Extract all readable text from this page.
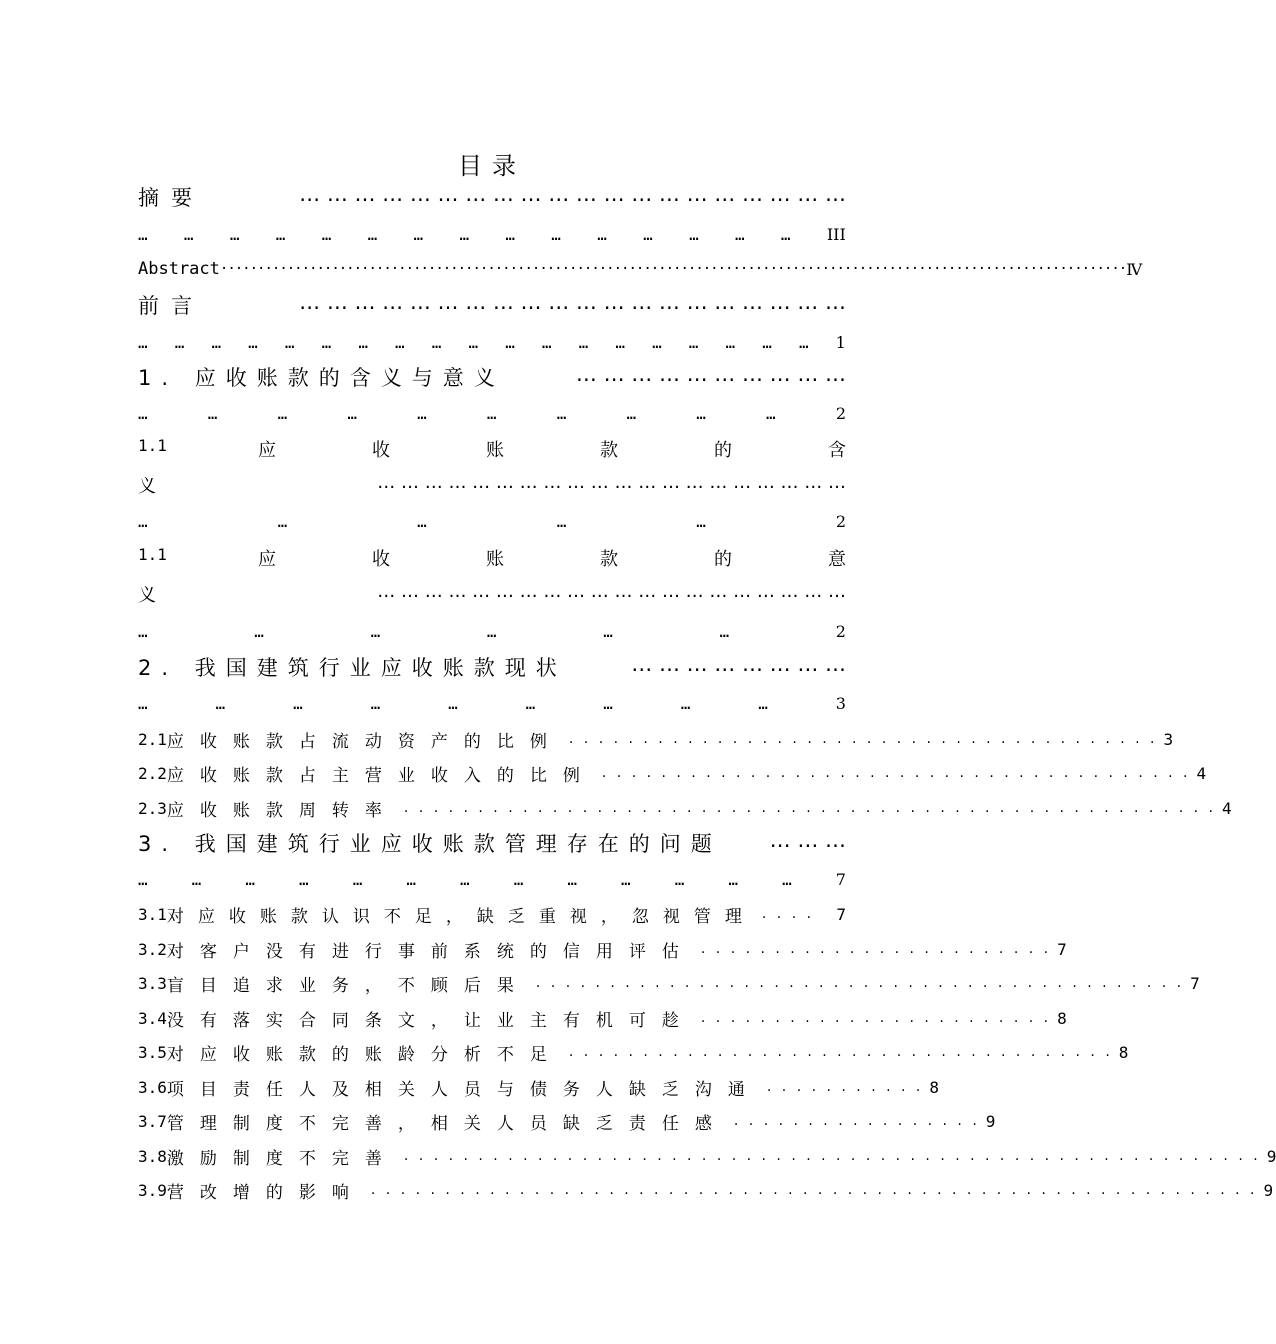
目录
摘要	… … … … … … … … … … … … … … … … … … … …
… … … … … … … … … … … … … … … III
Abstract ·························································································································· Ⅳ
前言	… … … … … … … … … … … … … … … … … … … …
… … … … … … … … … … … … … … … … … … … 1
1. 应收账款的含义与意义	… … … … … … … … … …
…	…	…	…	…	…	…	…	…	…	2
1.1	应收账款的含
义	… … … … … … … … … … … … … … … … … … … …
…	…	…	…	…	2
1.1	应收账款的意
义	… … … … … … … … … … … … … … … … … … … …
…	…	…	…	…	…	2
2. 我国建筑行业应收账款现状	… … … … … … … …
…	…	…	…	…	…	…	…	…	3
2.1 应收账款占流动资产的比例 . . . . . . . . . . . . . . . . . . . . . . . . . . . . . . . . . . . . . . . . 3
2.2 应收账款占主营业收入的比例 . . . . . . . . . . . . . . . . . . . . . . . . . . . . . . . . . . . . . . . . 4
2.3 应收账款周转率 . . . . . . . . . . . . . . . . . . . . . . . . . . . . . . . . . . . . . . . . . . . . . . . . . . . . . . . 4
3. 我国建筑行业应收账款管理存在的问题 … … …
…	…	…	…	…	…	…	…	…	…	…	…	…	7
3.1 对应收账款认识不足，缺乏重视，忽视管理 . . . .	7
3.2 对客户没有进行事前系统的信用评估 . . . . . . . . . . . . . . . . . . . . . . . . 7
3.3 盲目追求业务，不顾后果 . . . . . . . . . . . . . . . . . . . . . . . . . . . . . . . . . . . . . . . . . . . . 7
3.4 没有落实合同条文，让业主有机可趁 . . . . . . . . . . . . . . . . . . . . . . . . 8
3.5 对应收账款的账龄分析不足 . . . . . . . . . . . . . . . . . . . . . . . . . . . . . . . . . . . . . 8
3.6 项目责任人及相关人员与债务人缺乏沟通 . . . . . . . . . . . 8
3.7 管理制度不完善，相关人员缺乏责任感 . . . . . . . . . . . . . . . . . 9
3.8 激励制度不完善 . . . . . . . . . . . . . . . . . . . . . . . . . . . . . . . . . . . . . . . . . . . . . . . . . . . . . . . . . . 9
3.9 营改增的影响 . . . . . . . . . . . . . . . . . . . . . . . . . . . . . . . . . . . . . . . . . . . . . . . . . . . . . . . . . . . . 9
